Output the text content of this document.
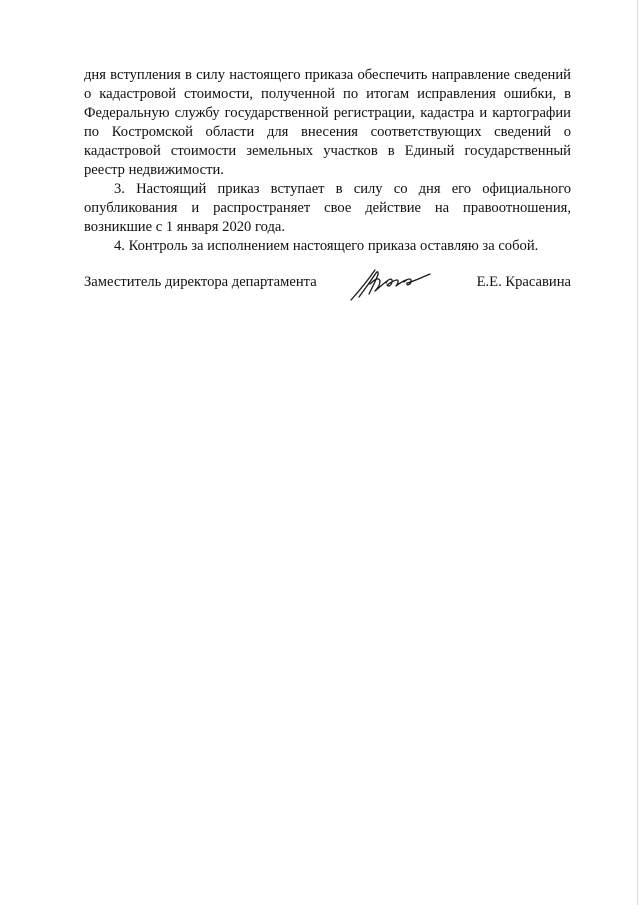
дня вступления в силу настоящего приказа обеспечить направление сведений о кадастровой стоимости, полученной по итогам исправления ошибки, в Федеральную службу государственной регистрации, кадастра и картографии по Костромской области для внесения соответствующих сведений о кадастровой стоимости земельных участков в Единый государственный реестр недвижимости.

3. Настоящий приказ вступает в силу со дня его официального опубликования и распространяет свое действие на правоотношения, возникшие с 1 января 2020 года.

4. Контроль за исполнением настоящего приказа оставляю за собой.

Заместитель директора департамента	Е.Е. Красавина
